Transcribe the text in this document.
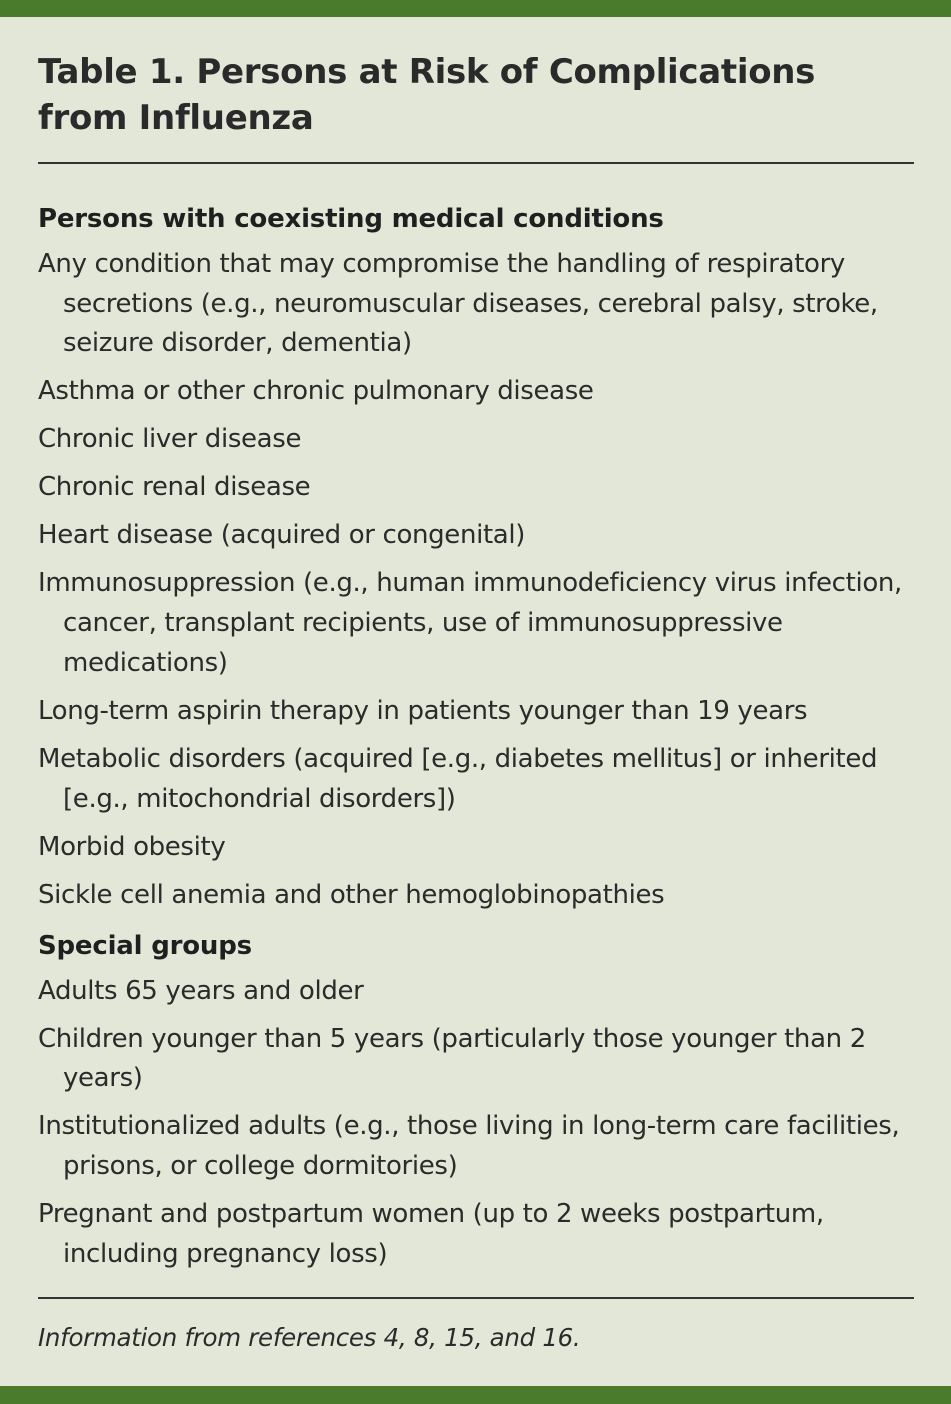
Table 1. Persons at Risk of Complications from Influenza
Persons with coexisting medical conditions
Any condition that may compromise the handling of respiratory secretions (e.g., neuromuscular diseases, cerebral palsy, stroke, seizure disorder, dementia)
Asthma or other chronic pulmonary disease
Chronic liver disease
Chronic renal disease
Heart disease (acquired or congenital)
Immunosuppression (e.g., human immunodeficiency virus infection, cancer, transplant recipients, use of immunosuppressive medications)
Long-term aspirin therapy in patients younger than 19 years
Metabolic disorders (acquired [e.g., diabetes mellitus] or inherited [e.g., mitochondrial disorders])
Morbid obesity
Sickle cell anemia and other hemoglobinopathies
Special groups
Adults 65 years and older
Children younger than 5 years (particularly those younger than 2 years)
Institutionalized adults (e.g., those living in long-term care facilities, prisons, or college dormitories)
Pregnant and postpartum women (up to 2 weeks postpartum, including pregnancy loss)
Information from references 4, 8, 15, and 16.
